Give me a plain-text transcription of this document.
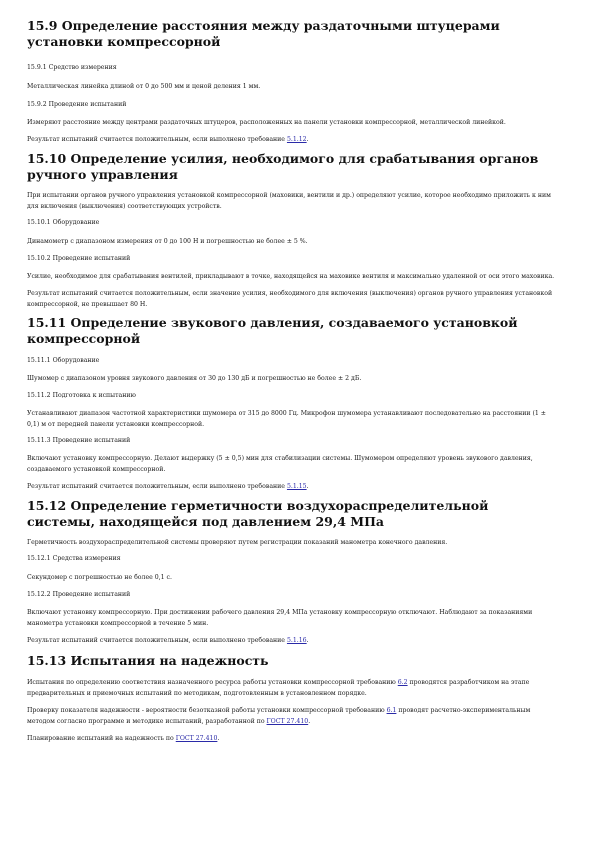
15.9 Определение расстояния между раздаточными штуцерами установки компрессорной

15.9.1 Средство измерения

Металлическая линейка длиной от 0 до 500 мм и ценой деления 1 мм.

15.9.2 Проведение испытаний

Измеряют расстояние между центрами раздаточных штуцеров, расположенных на панели установки компрессорной, металлической линейкой.

Результат испытаний считается положительным, если выполнено требование 5.1.12.

15.10 Определение усилия, необходимого для срабатывания органов ручного управления

При испытании органов ручного управления установкой компрессорной (маховики, вентили и др.) определяют усилие, которое необходимо приложить к ним для включения (выключения) соответствующих устройств.

15.10.1 Оборудование

Динамометр с диапазоном измерения от 0 до 100 Н и погрешностью не более ± 5 %.

15.10.2 Проведение испытаний

Усилие, необходимое для срабатывания вентилей, прикладывают в точке, находящейся на маховике вентиля и максимально удаленной от оси этого маховика.

Результат испытаний считается положительным, если значение усилия, необходимого для включения (выключения) органов ручного управления установкой компрессорной, не превышает 80 Н.

15.11 Определение звукового давления, создаваемого установкой компрессорной

15.11.1 Оборудование

Шумомер с диапазоном уровня звукового давления от 30 до 130 дБ и погрешностью не более ± 2 дБ.

15.11.2 Подготовка к испытанию

Устанавливают диапазон частотной характеристики шумомера от 315 до 8000 Гц. Микрофон шумомера устанавливают последовательно на расстоянии (1 ± 0,1) м от передней панели установки компрессорной.

15.11.3 Проведение испытаний

Включают установку компрессорную. Делают выдержку (5 ± 0,5) мин для стабилизации системы. Шумомером определяют уровень звукового давления, создаваемого установкой компрессорной.

Результат испытаний считается положительным, если выполнено требование 5.1.15.

15.12 Определение герметичности воздухораспределительной системы, находящейся под давлением 29,4 МПа

Герметичность воздухораспределительной системы проверяют путем регистрации показаний манометра конечного давления.

15.12.1 Средства измерения

Секундомер с погрешностью не более 0,1 с.

15.12.2 Проведение испытаний

Включают установку компрессорную. При достижении рабочего давления 29,4 МПа установку компрессорную отключают. Наблюдают за показаниями манометра установки компрессорной в течение 5 мин.

Результат испытаний считается положительным, если выполнено требование 5.1.16.

15.13 Испытания на надежность

Испытания по определению соответствия назначенного ресурса работы установки компрессорной требованию 6.2 проводятся разработчиком на этапе предварительных и приемочных испытаний по методикам, подготовленным в установленном порядке.

Проверку показателя надежности - вероятности безотказной работы установки компрессорной требованию 6.1 проводят расчетно-экспериментальным методом согласно программе и методике испытаний, разработанной по ГОСТ 27.410.

Планирование испытаний на надежность по ГОСТ 27.410.
